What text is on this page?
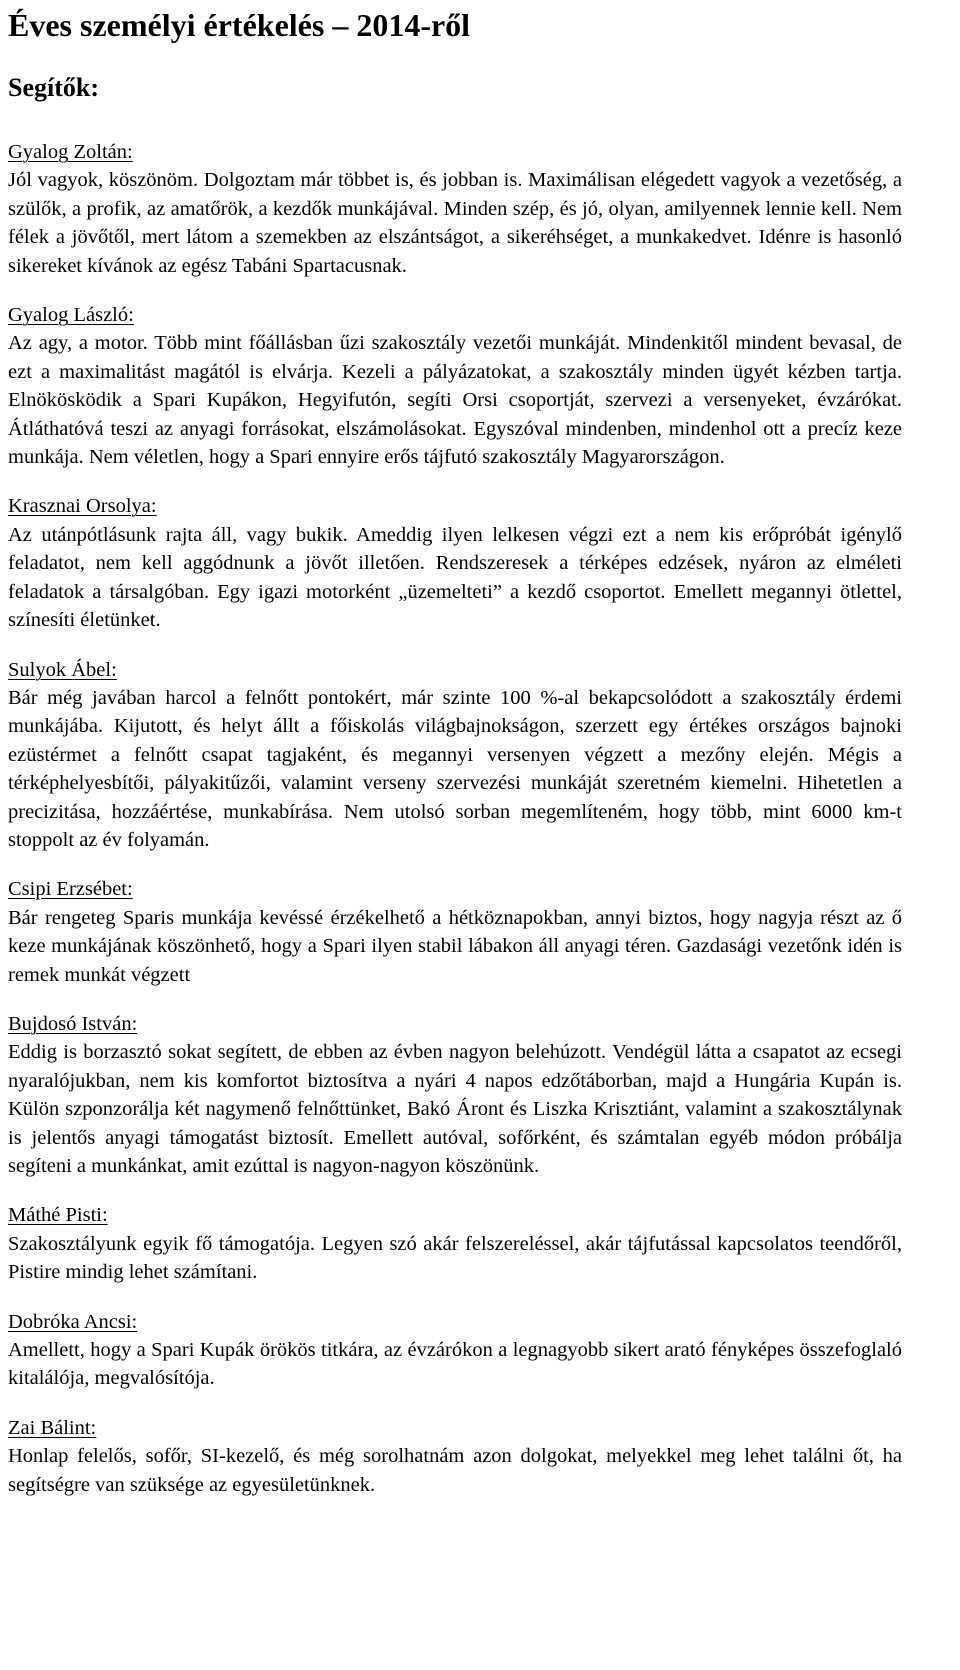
Éves személyi értékelés – 2014-ről
Segítők:
Gyalog Zoltán:
Jól vagyok, köszönöm. Dolgoztam már többet is, és jobban is. Maximálisan elégedett vagyok a vezetőség, a szülők, a profik, az amatőrök, a kezdők munkájával. Minden szép, és jó, olyan, amilyennek lennie kell. Nem félek a jövőtől, mert látom a szemekben az elszántságot, a sikeréhséget, a munkakedvet. Idénre is hasonló sikereket kívánok az egész Tabáni Spartacusnak.
Gyalog László:
Az agy, a motor. Több mint főállásban űzi szakosztály vezetői munkáját. Mindenkitől mindent bevasal, de ezt a maximalitást magától is elvárja. Kezeli a pályázatokat, a szakosztály minden ügyét kézben tartja. Elnökösködik a Spari Kupákon, Hegyifutón, segíti Orsi csoportját, szervezi a versenyeket, évzárókat. Átláthatóvá teszi az anyagi forrásokat, elszámolásokat. Egyszóval mindenben, mindenhol ott a precíz keze munkája. Nem véletlen, hogy a Spari ennyire erős tájfutó szakosztály Magyarországon.
Krasznai Orsolya:
Az utánpótlásunk rajta áll, vagy bukik. Ameddig ilyen lelkesen végzi ezt a nem kis erőpróbát igénylő feladatot, nem kell aggódnunk a jövőt illetően. Rendszeresek a térképes edzések, nyáron az elméleti feladatok a társalgóban. Egy igazi motorként „üzemelteti” a kezdő csoportot. Emellett megannyi ötlettel, színesíti életünket.
Sulyok Ábel:
Bár még javában harcol a felnőtt pontokért, már szinte 100 %-al bekapcsolódott a szakosztály érdemi munkájába. Kijutott, és helyt állt a főiskolás világbajnokságon, szerzett egy értékes országos bajnoki ezüstérmet a felnőtt csapat tagjaként, és megannyi versenyen végzett a mezőny elején. Mégis a térképhelyesbítői, pályakitűzői, valamint verseny szervezési munkáját szeretném kiemelni. Hihetetlen a precizitása, hozzáértése, munkabírása. Nem utolsó sorban megemlíteném, hogy több, mint 6000 km-t stoppolt az év folyamán.
Csipi Erzsébet:
Bár rengeteg Sparis munkája kevéssé érzékelhető a hétköznapokban, annyi biztos, hogy nagyja részt az ő keze munkájának köszönhető, hogy a Spari ilyen stabil lábakon áll anyagi téren. Gazdasági vezetőnk idén is remek munkát végzett
Bujdosó István:
Eddig is borzasztó sokat segített, de ebben az évben nagyon belehúzott. Vendégül látta a csapatot az ecsegi nyaralójukban, nem kis komfortot biztosítva a nyári 4 napos edzőtáborban, majd a Hungária Kupán is. Külön szponzorálja két nagymenő felnőttünket, Bakó Áront és Liszka Krisztiánt, valamint a szakosztálynak is jelentős anyagi támogatást biztosít. Emellett autóval, sofőrként, és számtalan egyéb módon próbálja segíteni a munkánkat, amit ezúttal is nagyon-nagyon köszönünk.
Máthé Pisti:
Szakosztályunk egyik fő támogatója. Legyen szó akár felszereléssel, akár tájfutással kapcsolatos teendőről, Pistire mindig lehet számítani.
Dobróka Ancsi:
Amellett, hogy a Spari Kupák örökös titkára, az évzárókon a legnagyobb sikert arató fényképes összefoglaló kitalálója, megvalósítója.
Zai Bálint:
Honlap felelős, sofőr, SI-kezelő, és még sorolhatnám azon dolgokat, melyekkel meg lehet találni őt, ha segítségre van szüksége az egyesületünknek.
